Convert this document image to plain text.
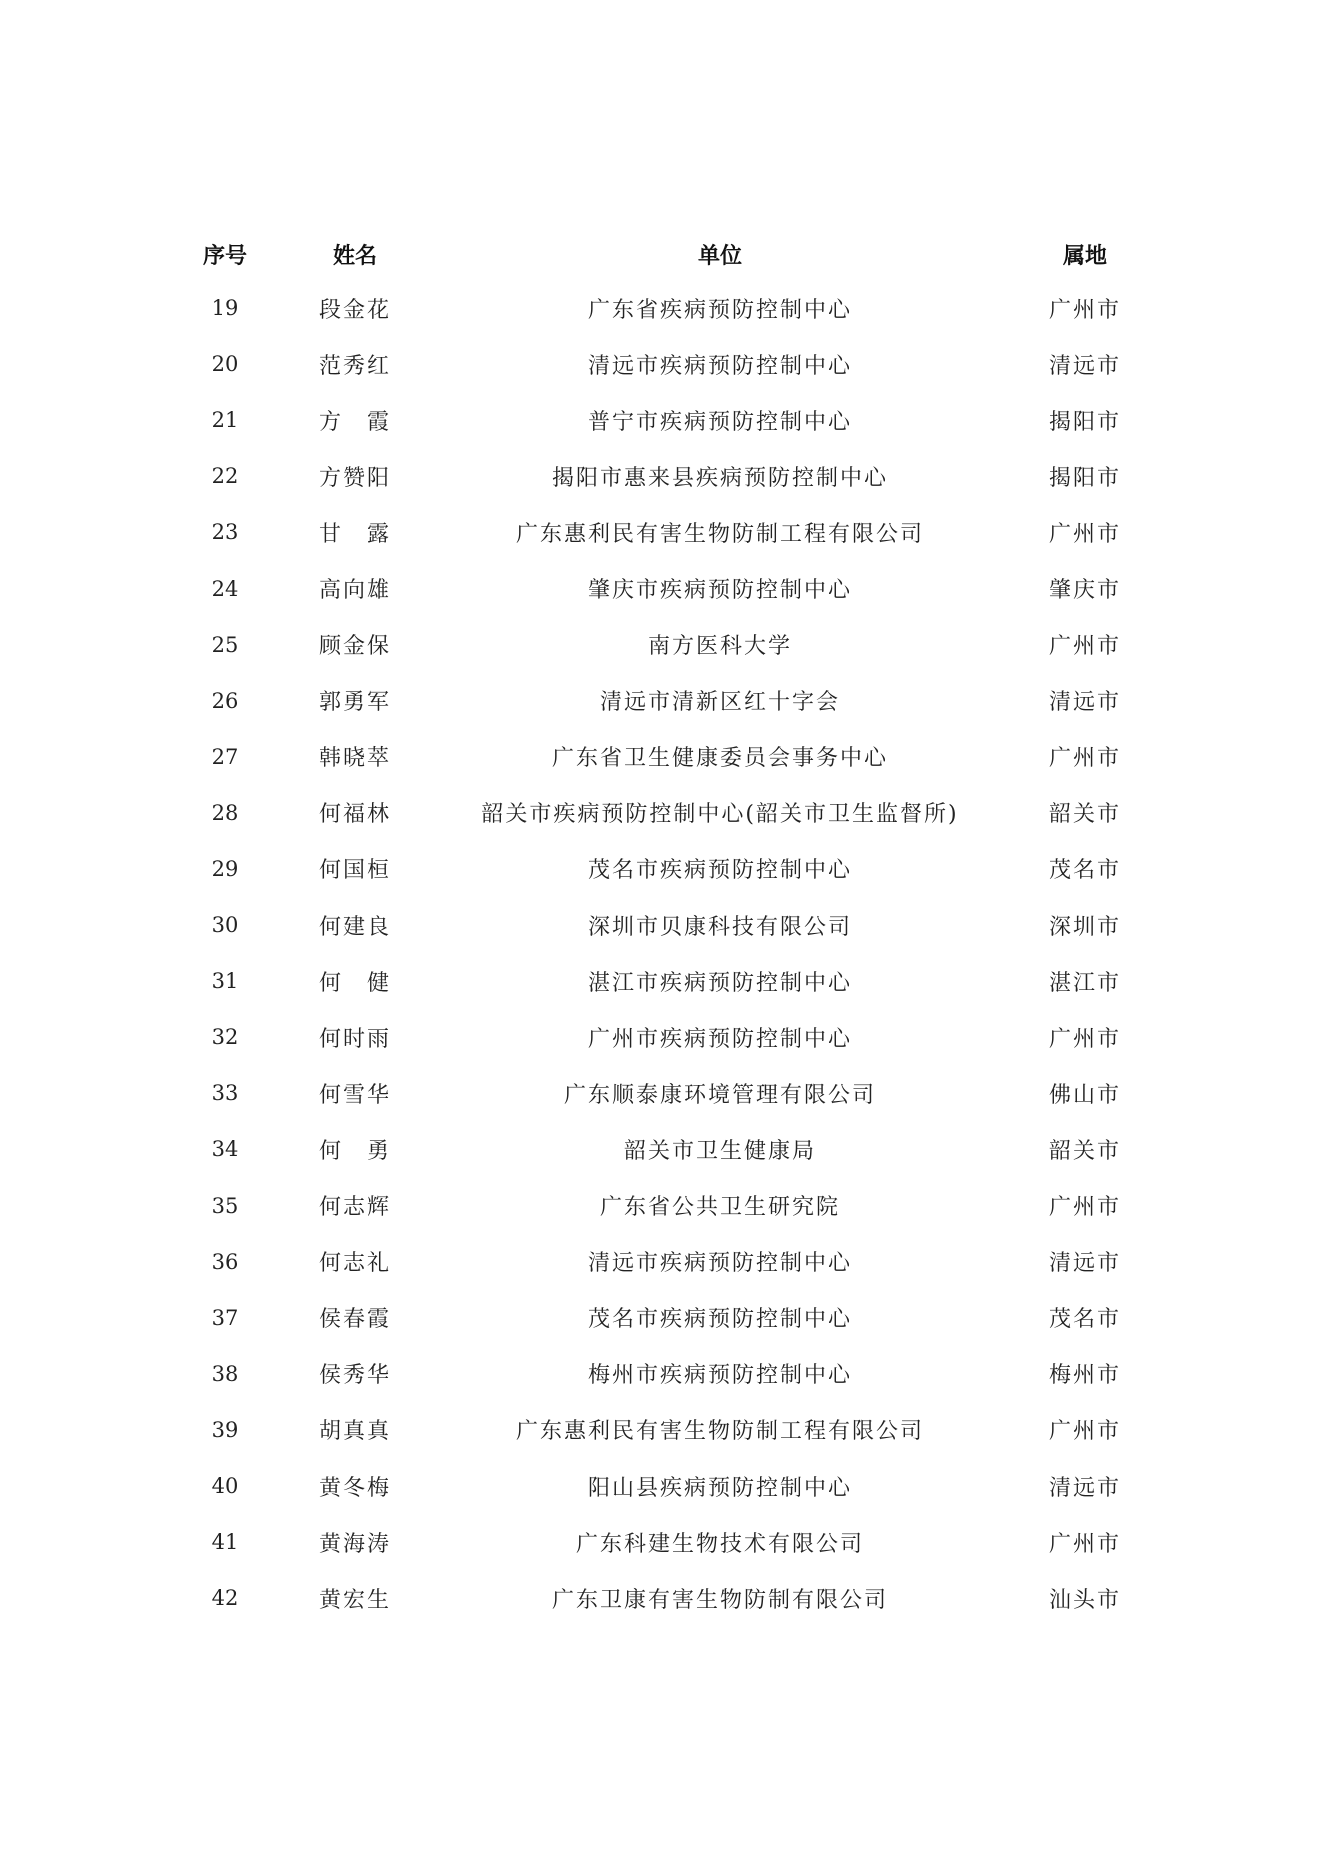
序号	姓名	单位	属地
19	段金花	广东省疾病预防控制中心	广州市
20	范秀红	清远市疾病预防控制中心	清远市
21	方　霞	普宁市疾病预防控制中心	揭阳市
22	方赞阳	揭阳市惠来县疾病预防控制中心	揭阳市
23	甘　露	广东惠利民有害生物防制工程有限公司	广州市
24	高向雄	肇庆市疾病预防控制中心	肇庆市
25	顾金保	南方医科大学	广州市
26	郭勇军	清远市清新区红十字会	清远市
27	韩晓萃	广东省卫生健康委员会事务中心	广州市
28	何福林	韶关市疾病预防控制中心(韶关市卫生监督所)	韶关市
29	何国桓	茂名市疾病预防控制中心	茂名市
30	何建良	深圳市贝康科技有限公司	深圳市
31	何　健	湛江市疾病预防控制中心	湛江市
32	何时雨	广州市疾病预防控制中心	广州市
33	何雪华	广东顺泰康环境管理有限公司	佛山市
34	何　勇	韶关市卫生健康局	韶关市
35	何志辉	广东省公共卫生研究院	广州市
36	何志礼	清远市疾病预防控制中心	清远市
37	侯春霞	茂名市疾病预防控制中心	茂名市
38	侯秀华	梅州市疾病预防控制中心	梅州市
39	胡真真	广东惠利民有害生物防制工程有限公司	广州市
40	黄冬梅	阳山县疾病预防控制中心	清远市
41	黄海涛	广东科建生物技术有限公司	广州市
42	黄宏生	广东卫康有害生物防制有限公司	汕头市
